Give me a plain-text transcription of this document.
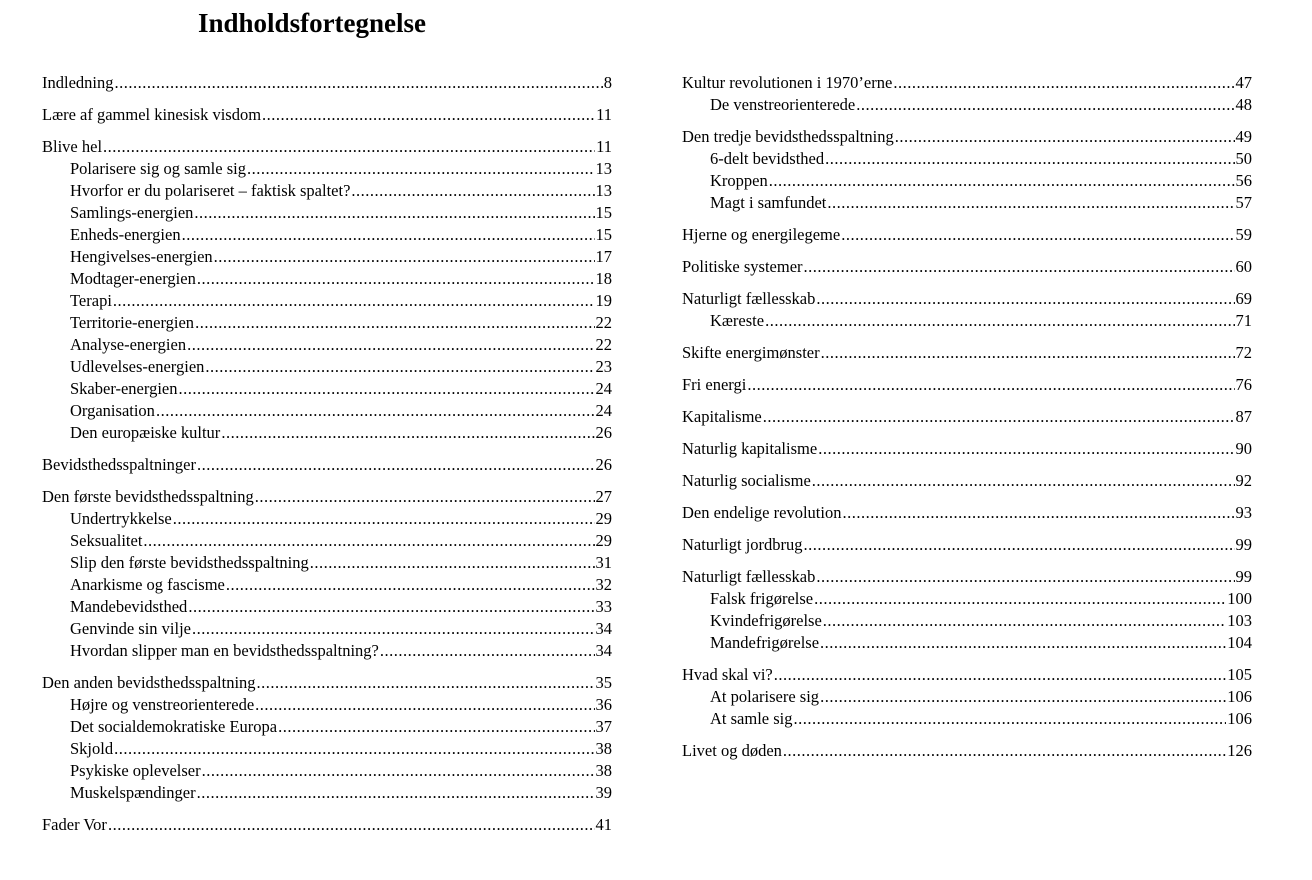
Indholdsfortegnelse
Indledning .....	8
Lære af gammel kinesisk visdom .....	11
Blive hel .....	11
Polarisere sig og samle sig .....	13
Hvorfor er du polariseret – faktisk spaltet? .....	13
Samlings-energien .....	15
Enheds-energien .....	15
Hengivelses-energien .....	17
Modtager-energien .....	18
Terapi .....	19
Territorie-energien .....	22
Analyse-energien .....	22
Udlevelses-energien .....	23
Skaber-energien .....	24
Organisation .....	24
Den europæiske kultur .....	26
Bevidsthedsspaltninger .....	26
Den første bevidsthedsspaltning .....	27
Undertrykkelse .....	29
Seksualitet .....	29
Slip den første bevidsthedsspaltning .....	31
Anarkisme og fascisme .....	32
Mandebevidsthed .....	33
Genvinde sin vilje .....	34
Hvordan slipper man en bevidsthedsspaltning? .....	34
Den anden bevidsthedsspaltning .....	35
Højre og venstreorienterede .....	36
Det socialdemokratiske Europa .....	37
Skjold .....	38
Psykiske oplevelser .....	38
Muskelspændinger .....	39
Fader Vor .....	41
Kultur revolutionen i 1970’erne .....	47
De venstreorienterede .....	48
Den tredje bevidsthedsspaltning .....	49
6-delt bevidsthed .....	50
Kroppen .....	56
Magt i samfundet .....	57
Hjerne og energilegeme .....	59
Politiske systemer .....	60
Naturligt fællesskab .....	69
Kæreste .....	71
Skifte energimønster .....	72
Fri energi .....	76
Kapitalisme .....	87
Naturlig kapitalisme .....	90
Naturlig socialisme .....	92
Den endelige revolution .....	93
Naturligt jordbrug .....	99
Naturligt fællesskab .....	99
Falsk frigørelse .....	100
Kvindefrigørelse .....	103
Mandefrigørelse .....	104
Hvad skal vi? .....	105
At polarisere sig .....	106
At samle sig .....	106
Livet og døden .....	126
